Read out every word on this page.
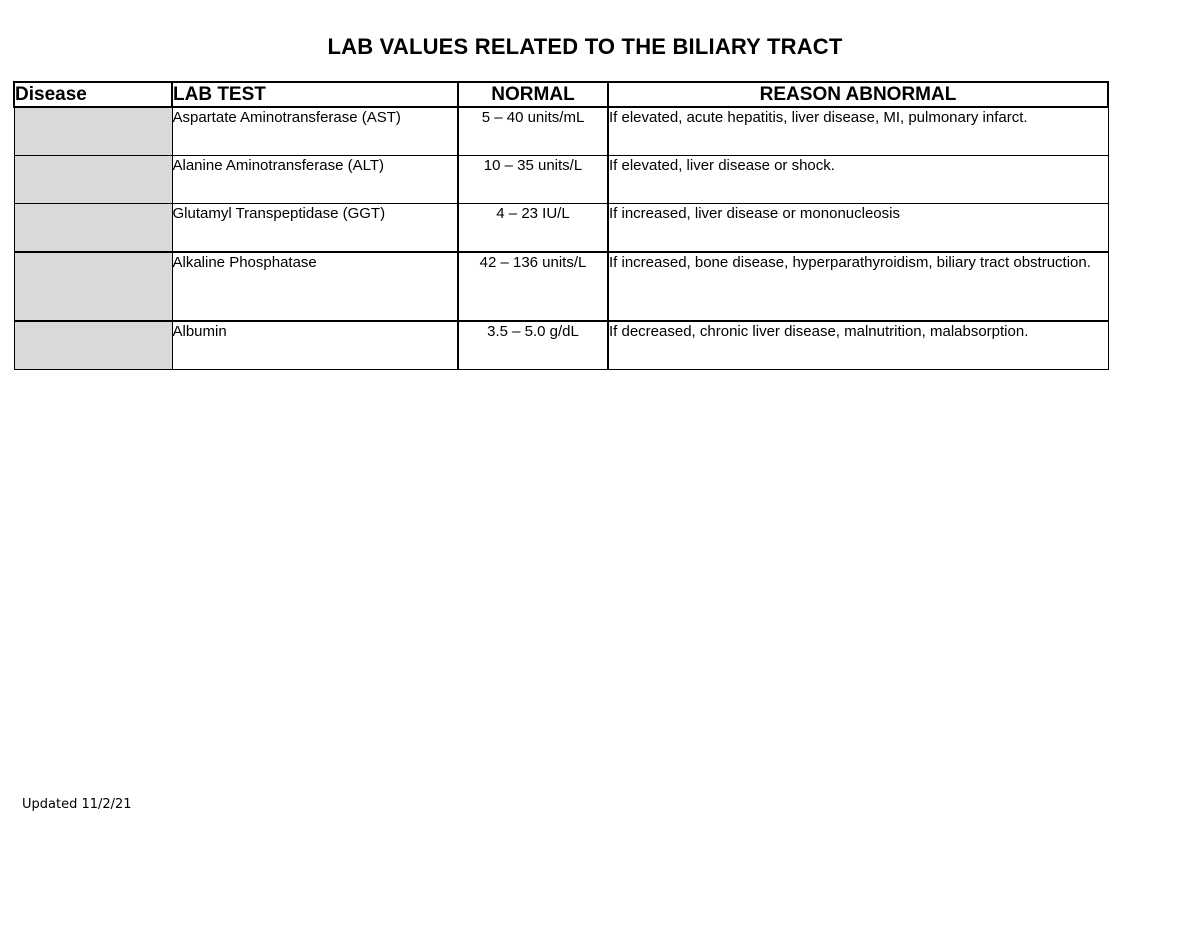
LAB VALUES RELATED TO THE BILIARY TRACT
Disease	LAB TEST	NORMAL	REASON ABNORMAL
	Aspartate Aminotransferase (AST)	5 – 40 units/mL	If elevated, acute hepatitis, liver disease, MI, pulmonary infarct.
	Alanine Aminotransferase (ALT)	10 – 35 units/L	If elevated, liver disease or shock.
	Glutamyl Transpeptidase (GGT)	4 – 23 IU/L	If increased, liver disease or mononucleosis
	Alkaline Phosphatase	42 – 136 units/L	If increased, bone disease, hyperparathyroidism, biliary tract obstruction.
	Albumin	3.5 – 5.0 g/dL	If decreased, chronic liver disease, malnutrition, malabsorption.
Updated 11/2/21
